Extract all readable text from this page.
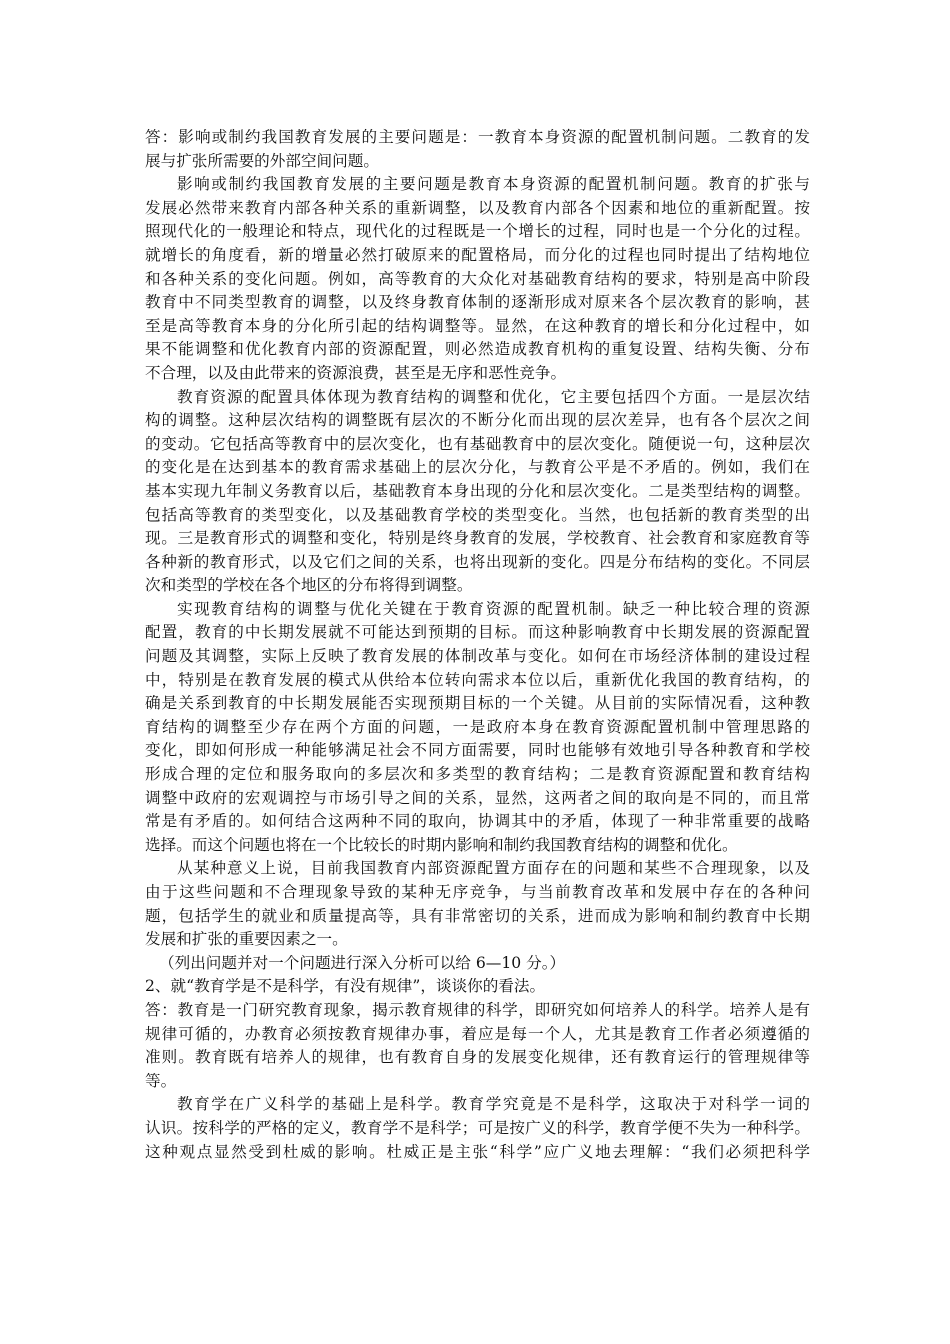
答：影响或制约我国教育发展的主要问题是：一教育本身资源的配置机制问题。二教育的发
展与扩张所需要的外部空间问题。
影响或制约我国教育发展的主要问题是教育本身资源的配置机制问题。教育的扩张与
发展必然带来教育内部各种关系的重新调整，以及教育内部各个因素和地位的重新配置。按
照现代化的一般理论和特点，现代化的过程既是一个增长的过程，同时也是一个分化的过程。
就增长的角度看，新的增量必然打破原来的配置格局，而分化的过程也同时提出了结构地位
和各种关系的变化问题。例如，高等教育的大众化对基础教育结构的要求，特别是高中阶段
教育中不同类型教育的调整，以及终身教育体制的逐渐形成对原来各个层次教育的影响，甚
至是高等教育本身的分化所引起的结构调整等。显然，在这种教育的增长和分化过程中，如
果不能调整和优化教育内部的资源配置，则必然造成教育机构的重复设置、结构失衡、分布
不合理，以及由此带来的资源浪费，甚至是无序和恶性竞争。
教育资源的配置具体体现为教育结构的调整和优化，它主要包括四个方面。一是层次结
构的调整。这种层次结构的调整既有层次的不断分化而出现的层次差异，也有各个层次之间
的变动。它包括高等教育中的层次变化，也有基础教育中的层次变化。随便说一句，这种层次
的变化是在达到基本的教育需求基础上的层次分化，与教育公平是不矛盾的。例如，我们在
基本实现九年制义务教育以后，基础教育本身出现的分化和层次变化。二是类型结构的调整。
包括高等教育的类型变化，以及基础教育学校的类型变化。当然，也包括新的教育类型的出
现。三是教育形式的调整和变化，特别是终身教育的发展，学校教育、社会教育和家庭教育等
各种新的教育形式，以及它们之间的关系，也将出现新的变化。四是分布结构的变化。不同层
次和类型的学校在各个地区的分布将得到调整。
实现教育结构的调整与优化关键在于教育资源的配置机制。缺乏一种比较合理的资源
配置，教育的中长期发展就不可能达到预期的目标。而这种影响教育中长期发展的资源配置
问题及其调整，实际上反映了教育发展的体制改革与变化。如何在市场经济体制的建设过程
中，特别是在教育发展的模式从供给本位转向需求本位以后，重新优化我国的教育结构，的
确是关系到教育的中长期发展能否实现预期目标的一个关键。从目前的实际情况看，这种教
育结构的调整至少存在两个方面的问题，一是政府本身在教育资源配置机制中管理思路的
变化，即如何形成一种能够满足社会不同方面需要，同时也能够有效地引导各种教育和学校
形成合理的定位和服务取向的多层次和多类型的教育结构；二是教育资源配置和教育结构
调整中政府的宏观调控与市场引导之间的关系，显然，这两者之间的取向是不同的，而且常
常是有矛盾的。如何结合这两种不同的取向，协调其中的矛盾，体现了一种非常重要的战略
选择。而这个问题也将在一个比较长的时期内影响和制约我国教育结构的调整和优化。
从某种意义上说，目前我国教育内部资源配置方面存在的问题和某些不合理现象，以及
由于这些问题和不合理现象导致的某种无序竞争，与当前教育改革和发展中存在的各种问
题，包括学生的就业和质量提高等，具有非常密切的关系，进而成为影响和制约教育中长期
发展和扩张的重要因素之一。
（列出问题并对一个问题进行深入分析可以给 6—10 分。）
2、就“教育学是不是科学，有没有规律”，谈谈你的看法。
答：教育是一门研究教育现象，揭示教育规律的科学，即研究如何培养人的科学。培养人是有
规律可循的，办教育必须按教育规律办事，着应是每一个人，尤其是教育工作者必须遵循的
准则。教育既有培养人的规律，也有教育自身的发展变化规律，还有教育运行的管理规律等
等。
教育学在广义科学的基础上是科学。教育学究竟是不是科学，这取决于对科学一词的
认识。按科学的严格的定义，教育学不是科学；可是按广义的科学，教育学便不失为一种科学。
这种观点显然受到杜威的影响。杜威正是主张“科学”应广义地去理解：“我们必须把科学
